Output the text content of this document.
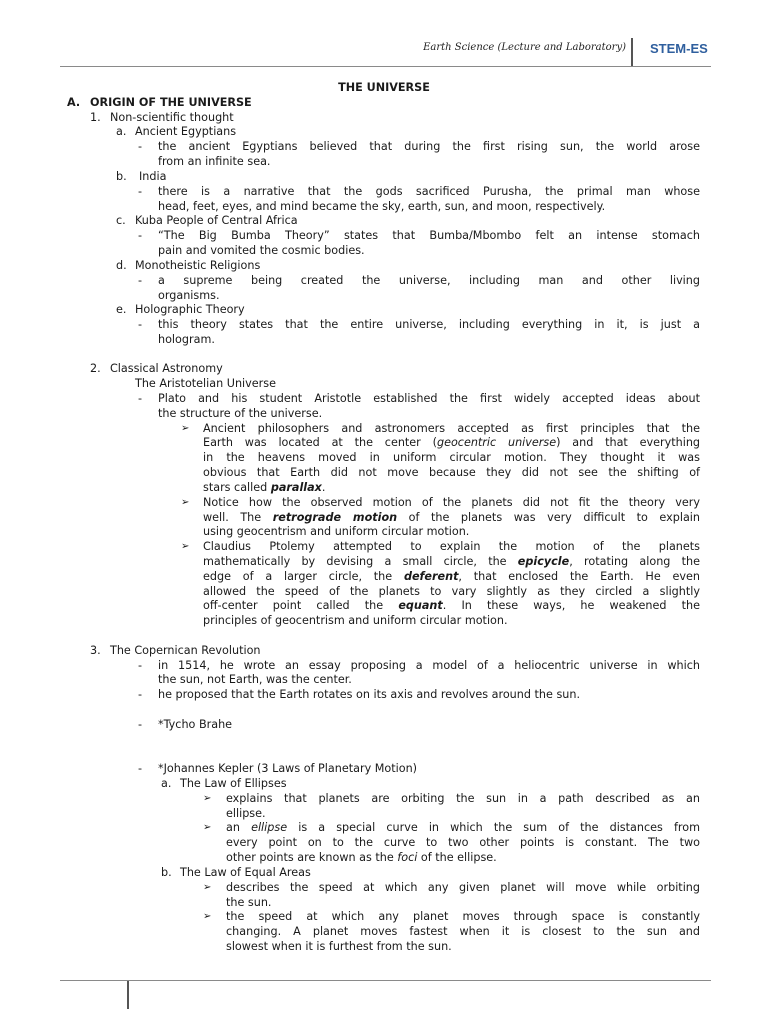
Earth Science (Lecture and Laboratory) STEM-ES
THE UNIVERSE
A. ORIGIN OF THE UNIVERSE
1. Non-scientific thought
a. Ancient Egyptians
- the ancient Egyptians believed that during the first rising sun, the world arose
from an infinite sea.
b. India
- there is a narrative that the gods sacrificed Purusha, the primal man whose
head, feet, eyes, and mind became the sky, earth, sun, and moon, respectively.
c. Kuba People of Central Africa
- “The Big Bumba Theory” states that Bumba/Mbombo felt an intense stomach
pain and vomited the cosmic bodies.
d. Monotheistic Religions
- a supreme being created the universe, including man and other living
organisms.
e. Holographic Theory
- this theory states that the entire universe, including everything in it, is just a
hologram.
2. Classical Astronomy
The Aristotelian Universe
- Plato and his student Aristotle established the first widely accepted ideas about
the structure of the universe.
➢ Ancient philosophers and astronomers accepted as first principles that the
Earth was located at the center (geocentric universe) and that everything
in the heavens moved in uniform circular motion. They thought it was
obvious that Earth did not move because they did not see the shifting of
stars called parallax.
➢ Notice how the observed motion of the planets did not fit the theory very
well. The retrograde motion of the planets was very difficult to explain
using geocentrism and uniform circular motion.
➢ Claudius Ptolemy attempted to explain the motion of the planets
mathematically by devising a small circle, the epicycle, rotating along the
edge of a larger circle, the deferent, that enclosed the Earth. He even
allowed the speed of the planets to vary slightly as they circled a slightly
off-center point called the equant. In these ways, he weakened the
principles of geocentrism and uniform circular motion.
3. The Copernican Revolution
- in 1514, he wrote an essay proposing a model of a heliocentric universe in which
the sun, not Earth, was the center.
- he proposed that the Earth rotates on its axis and revolves around the sun.
- *Tycho Brahe
- *Johannes Kepler (3 Laws of Planetary Motion)
a. The Law of Ellipses
➢ explains that planets are orbiting the sun in a path described as an
ellipse.
➢ an ellipse is a special curve in which the sum of the distances from
every point on to the curve to two other points is constant. The two
other points are known as the foci of the ellipse.
b. The Law of Equal Areas
➢ describes the speed at which any given planet will move while orbiting
the sun.
➢ the speed at which any planet moves through space is constantly
changing. A planet moves fastest when it is closest to the sun and
slowest when it is furthest from the sun.
